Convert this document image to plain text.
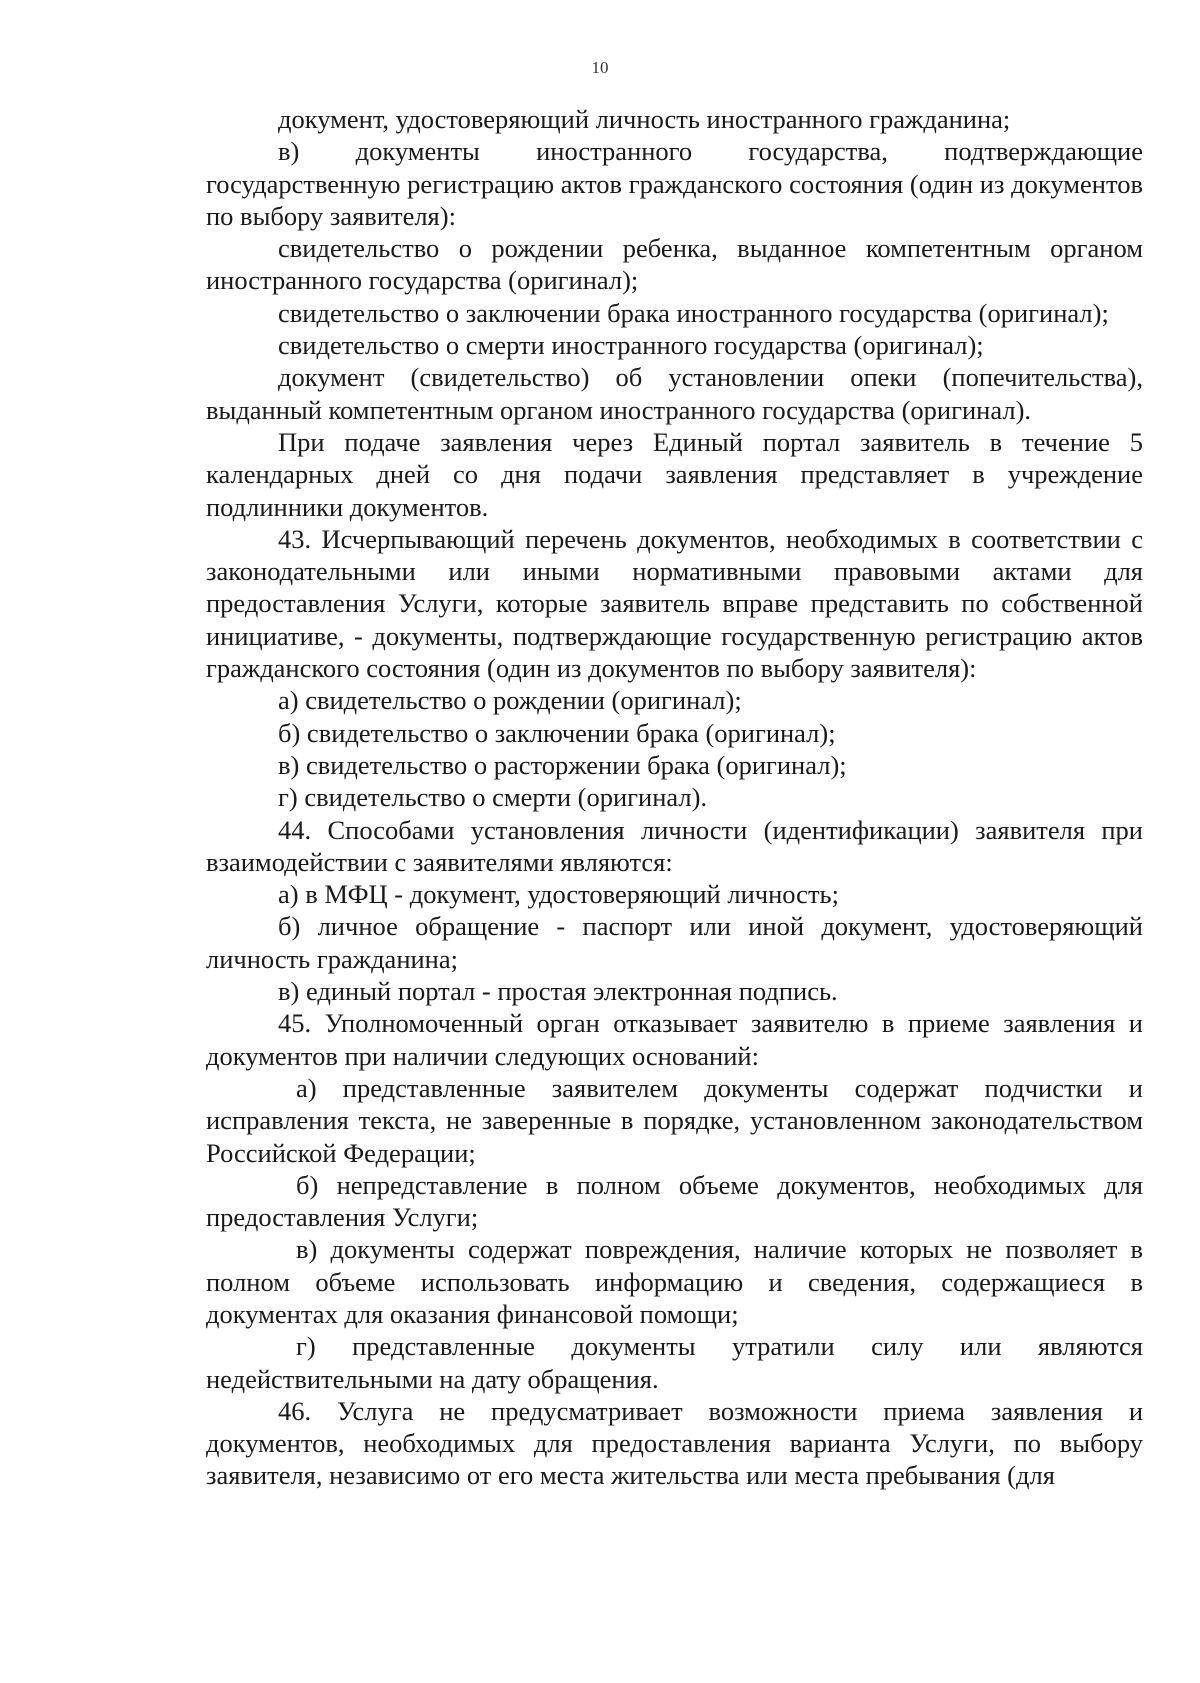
10

документ, удостоверяющий личность иностранного гражданина;

в) документы иностранного государства, подтверждающие государственную регистрацию актов гражданского состояния (один из документов по выбору заявителя):

свидетельство о рождении ребенка, выданное компетентным органом иностранного государства (оригинал);

свидетельство о заключении брака иностранного государства (оригинал);

свидетельство о смерти иностранного государства (оригинал);

документ (свидетельство) об установлении опеки (попечительства), выданный компетентным органом иностранного государства (оригинал).

При подаче заявления через Единый портал заявитель в течение 5 календарных дней со дня подачи заявления представляет в учреждение подлинники документов.

43. Исчерпывающий перечень документов, необходимых в соответствии с законодательными или иными нормативными правовыми актами для предоставления Услуги, которые заявитель вправе представить по собственной инициативе, - документы, подтверждающие государственную регистрацию актов гражданского состояния (один из документов по выбору заявителя):

а) свидетельство о рождении (оригинал);

б) свидетельство о заключении брака (оригинал);

в) свидетельство о расторжении брака (оригинал);

г) свидетельство о смерти (оригинал).

44. Способами установления личности (идентификации) заявителя при взаимодействии с заявителями являются:

а) в МФЦ - документ, удостоверяющий личность;

б) личное обращение - паспорт или иной документ, удостоверяющий личность гражданина;

в) единый портал - простая электронная подпись.

45. Уполномоченный орган отказывает заявителю в приеме заявления и документов при наличии следующих оснований:

а) представленные заявителем документы содержат подчистки и исправления текста, не заверенные в порядке, установленном законодательством Российской Федерации;

б) непредставление в полном объеме документов, необходимых для предоставления Услуги;

в) документы содержат повреждения, наличие которых не позволяет в полном объеме использовать информацию и сведения, содержащиеся в документах для оказания финансовой помощи;

г) представленные документы утратили силу или являются недействительными на дату обращения.

46. Услуга не предусматривает возможности приема заявления и документов, необходимых для предоставления варианта Услуги, по выбору заявителя, независимо от его места жительства или места пребывания (для
